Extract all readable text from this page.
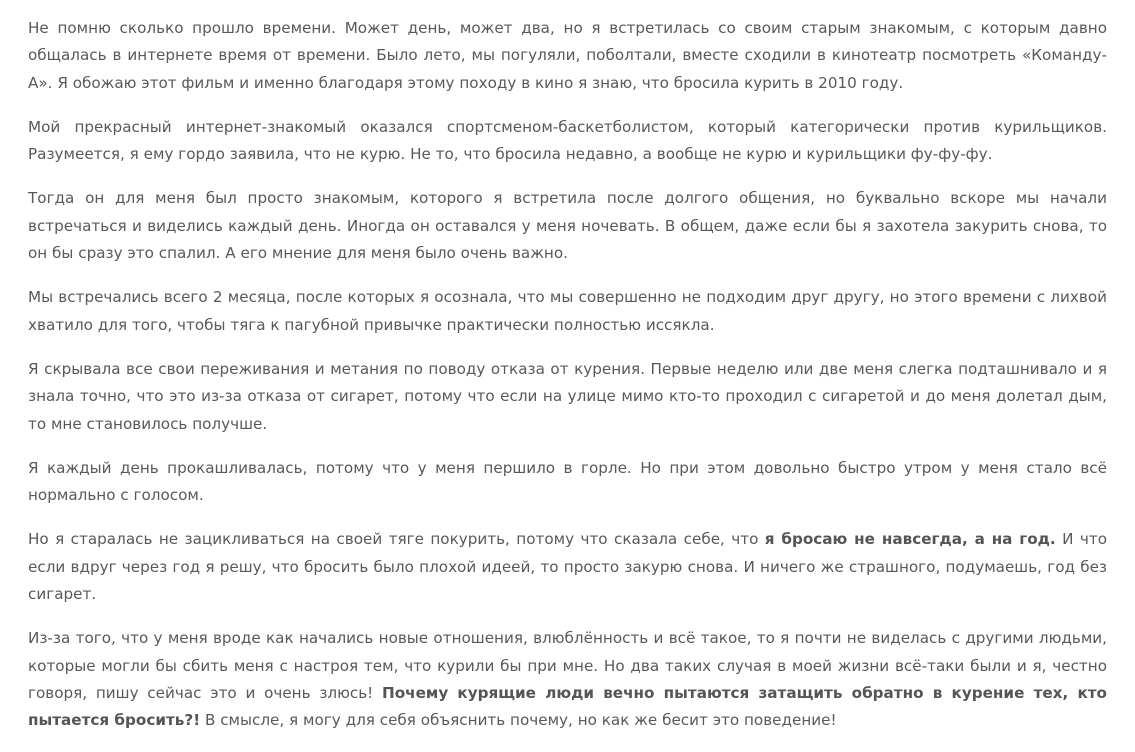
Не помню сколько прошло времени. Может день, может два, но я встретилась со своим старым знакомым, с которым давно общалась в интернете время от времени. Было лето, мы погуляли, поболтали, вместе сходили в кинотеатр посмотреть «Команду-А». Я обожаю этот фильм и именно благодаря этому походу в кино я знаю, что бросила курить в 2010 году.

Мой прекрасный интернет-знакомый оказался спортсменом-баскетболистом, который категорически против курильщиков. Разумеется, я ему гордо заявила, что не курю. Не то, что бросила недавно, а вообще не курю и курильщики фу-фу-фу.

Тогда он для меня был просто знакомым, которого я встретила после долгого общения, но буквально вскоре мы начали встречаться и виделись каждый день. Иногда он оставался у меня ночевать. В общем, даже если бы я захотела закурить снова, то он бы сразу это спалил. А его мнение для меня было очень важно.

Мы встречались всего 2 месяца, после которых я осознала, что мы совершенно не подходим друг другу, но этого времени с лихвой хватило для того, чтобы тяга к пагубной привычке практически полностью иссякла.

Я скрывала все свои переживания и метания по поводу отказа от курения. Первые неделю или две меня слегка подташнивало и я знала точно, что это из-за отказа от сигарет, потому что если на улице мимо кто-то проходил с сигаретой и до меня долетал дым, то мне становилось получше.

Я каждый день прокашливалась, потому что у меня першило в горле. Но при этом довольно быстро утром у меня стало всё нормально с голосом.

Но я старалась не зацикливаться на своей тяге покурить, потому что сказала себе, что я бросаю не навсегда, а на год. И что если вдруг через год я решу, что бросить было плохой идеей, то просто закурю снова. И ничего же страшного, подумаешь, год без сигарет.

Из-за того, что у меня вроде как начались новые отношения, влюблённость и всё такое, то я почти не виделась с другими людьми, которые могли бы сбить меня с настроя тем, что курили бы при мне. Но два таких случая в моей жизни всё-таки были и я, честно говоря, пишу сейчас это и очень злюсь! Почему курящие люди вечно пытаются затащить обратно в курение тех, кто пытается бросить?! В смысле, я могу для себя объяснить почему, но как же бесит это поведение!
